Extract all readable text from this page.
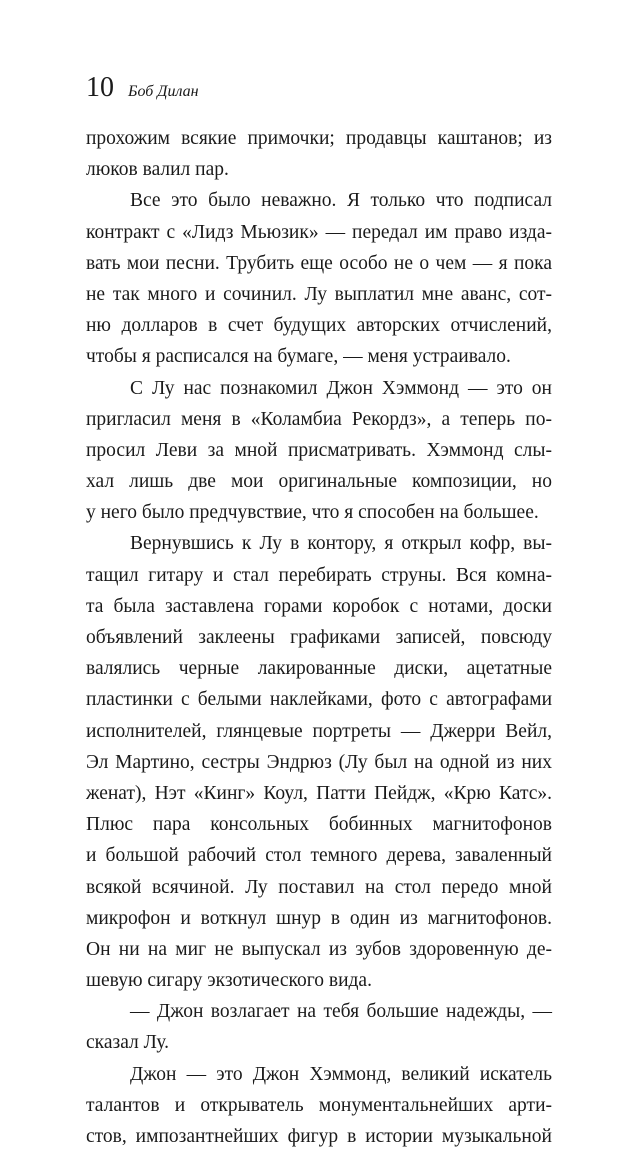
10 Боб Дилан
прохожим всякие примочки; продавцы каштанов; из
люков валил пар.
Все это было неважно. Я только что подписал
контракт с «Лидз Мьюзик» — передал им право изда-
вать мои песни. Трубить еще особо не о чем — я пока
не так много и сочинил. Лу выплатил мне аванс, сот-
ню долларов в счет будущих авторских отчислений,
чтобы я расписался на бумаге, — меня устраивало.
С Лу нас познакомил Джон Хэммонд — это он
пригласил меня в «Коламбиа Рекордз», а теперь по-
просил Леви за мной присматривать. Хэммонд слы-
хал лишь две мои оригинальные композиции, но
у него было предчувствие, что я способен на большее.
Вернувшись к Лу в контору, я открыл кофр, вы-
тащил гитару и стал перебирать струны. Вся комна-
та была заставлена горами коробок с нотами, доски
объявлений заклеены графиками записей, повсюду
валялись черные лакированные диски, ацетатные
пластинки с белыми наклейками, фото с автографами
исполнителей, глянцевые портреты — Джерри Вейл,
Эл Мартино, сестры Эндрюз (Лу был на одной из них
женат), Нэт «Кинг» Коул, Патти Пейдж, «Крю Катс».
Плюс пара консольных бобинных магнитофонов
и большой рабочий стол темного дерева, заваленный
всякой всячиной. Лу поставил на стол передо мной
микрофон и воткнул шнур в один из магнитофонов.
Он ни на миг не выпускал из зубов здоровенную де-
шевую сигару экзотического вида.
— Джон возлагает на тебя большие надежды, —
сказал Лу.
Джон — это Джон Хэммонд, великий искатель
талантов и открыватель монументальнейших арти-
стов, импозантнейших фигур в истории музыкальной
